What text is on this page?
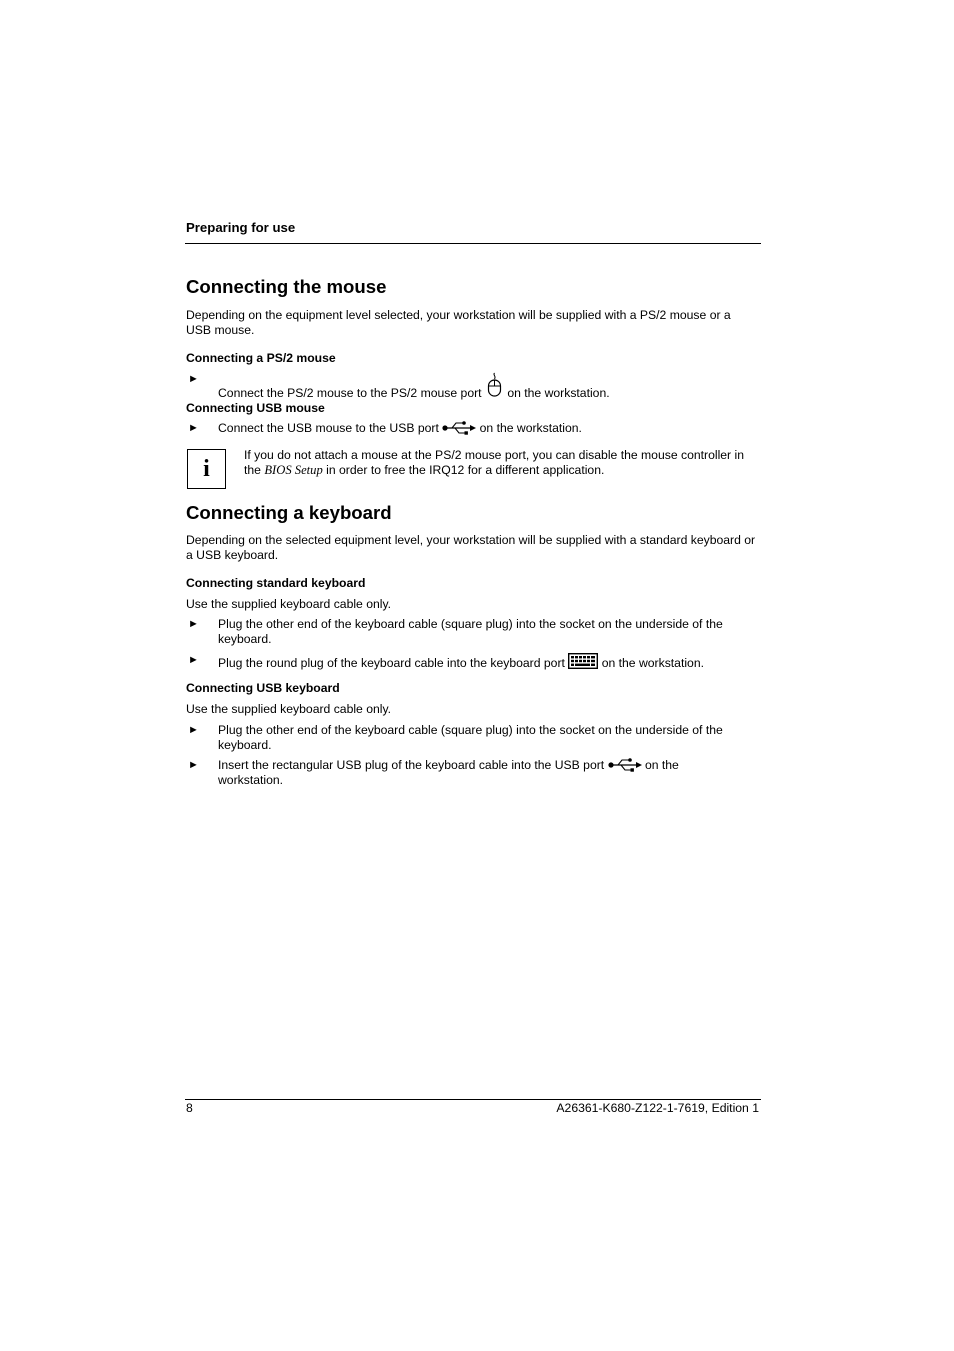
Preparing for use
Connecting the mouse

Depending on the equipment level selected, your workstation will be supplied with a PS/2 mouse or a USB mouse.

Connecting a PS/2 mouse

►
Connect the PS/2 mouse to the PS/2 mouse port on the workstation.

Connecting USB mouse

► Connect the USB mouse to the USB port	on the workstation.
i
If you do not attach a mouse at the PS/2 mouse port, you can disable the mouse controller in the BIOS Setup in order to free the IRQ12 for a different application.
Connecting a keyboard

Depending on the selected equipment level, your workstation will be supplied with a standard keyboard or a USB keyboard.

Connecting standard keyboard

Use the supplied keyboard cable only.

► Plug the other end of the keyboard cable (square plug) into the socket on the underside of the keyboard.
► Plug the round plug of the keyboard cable into the keyboard port	on the workstation.

Connecting USB keyboard

Use the supplied keyboard cable only.

► Plug the other end of the keyboard cable (square plug) into the socket on the underside of the keyboard.
► Insert the rectangular USB plug of the keyboard cable into the USB port	on the workstation.
8	A26361-K680-Z122-1-7619, Edition 1
